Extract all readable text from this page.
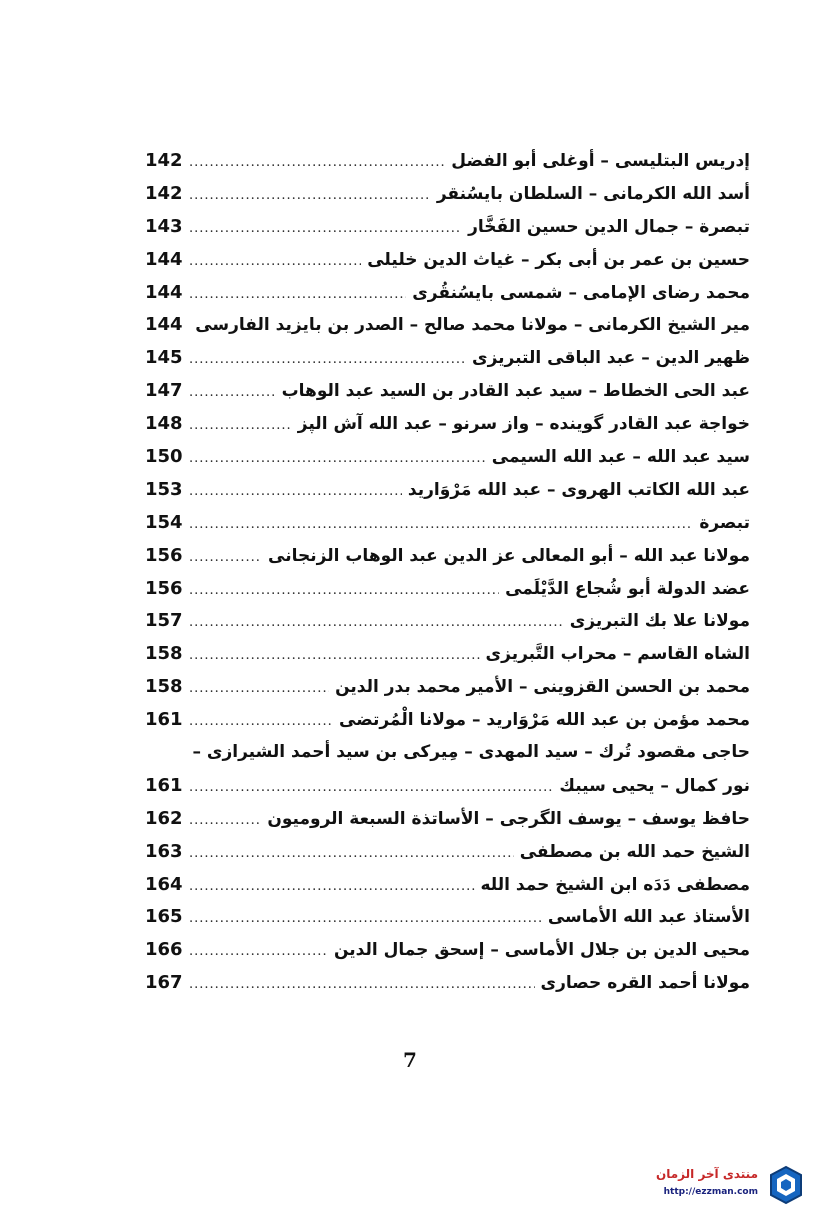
إدريس البتليسى – أوغلى أبو الفضل
.....
142
أسد الله الكرمانى – السلطان بايسُنقر
.....
142
تبصرة – جمال الدين حسين الفَخَّار
.....
143
حسين بن عمر بن أبى بكر – غياث الدين خليلى
.....
144
محمد رضاى الإمامى – شمسى بايسُنقُرى
.....
144
مير الشيخ الكرمانى – مولانا محمد صالح – الصدر بن بايزيد الفارسى
.....
144
ظهير الدين – عبد الباقى التبريزى
.....
145
عبد الحى الخطاط – سيد عبد القادر بن السيد عبد الوهاب
.....
147
خواجة عبد القادر گوينده – واز سرنو – عبد الله آش الپز
.....
148
سيد عبد الله – عبد الله السيمى
.....
150
عبد الله الكاتب الهروى – عبد الله مَرْوَاريد
.....
153
تبصرة
.....
154
مولانا عبد الله – أبو المعالى عز الدين عبد الوهاب الزنجانى
.....
156
عضد الدولة أبو شُجاع الدَّيْلَمى
.....
156
مولانا علا بك التبريزى
.....
157
الشاه القاسم – محراب التَّبريزى
.....
158
محمد بن الحسن القزوينى – الأمير محمد بدر الدين
.....
158
محمد مؤمن بن عبد الله مَرْوَاريد – مولانا الْمُرتضى
.....
161
حاجى مقصود تُرك – سيد المهدى – مِيركى بن سيد أحمد الشيرازى –
نور كمال – يحيى سيبك
.....
161
حافظ يوسف – يوسف الگرجى – الأساتذة السبعة الروميون
.....
162
الشيخ حمد الله بن مصطفى
.....
163
مصطفى دَدَه ابن الشيخ حمد الله
.....
164
الأستاذ عبد الله الأماسى
.....
165
محيى الدين بن جلال الأماسى – إسحق جمال الدين
.....
166
مولانا أحمد القره حصارى
.....
167
7
منتدى آخر الزمان
http://ezzman.com
